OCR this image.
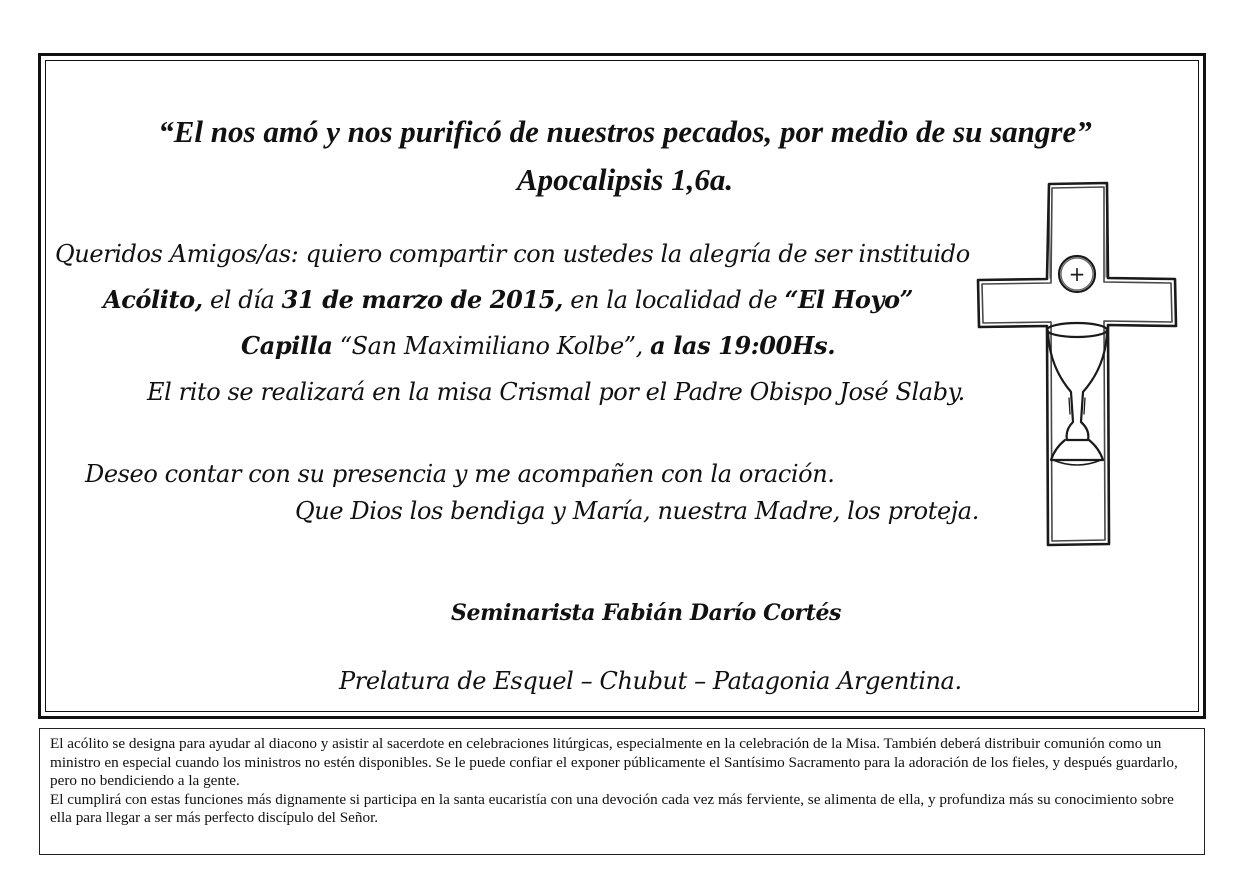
“El nos amó y nos purificó de nuestros pecados, por medio de su sangre”
Apocalipsis 1,6a.
Queridos Amigos/as: quiero compartir con ustedes la alegría de ser instituido
Acólito, el día 31 de marzo de 2015, en la localidad de “El Hoyo”
Capilla “San Maximiliano Kolbe”, a las 19:00Hs.
El rito se realizará en la misa Crismal por el Padre Obispo José Slaby.
Deseo contar con su presencia y me acompañen con la oración.
Que Dios los bendiga y María, nuestra Madre, los proteja.
Seminarista Fabián Darío Cortés
Prelatura de Esquel – Chubut – Patagonia Argentina.
+

El acólito se designa para ayudar al diacono y asistir al sacerdote en celebraciones litúrgicas, especialmente en la celebración de la Misa. También deberá distribuir comunión como un ministro en especial cuando los ministros no estén disponibles. Se le puede confiar el exponer públicamente el Santísimo Sacramento para la adoración de los fieles, y después guardarlo, pero no bendiciendo a la gente.

El cumplirá con estas funciones más dignamente si participa en la santa eucaristía con una devoción cada vez más ferviente, se alimenta de ella, y profundiza más su conocimiento sobre ella para llegar a ser más perfecto discípulo del Señor.
